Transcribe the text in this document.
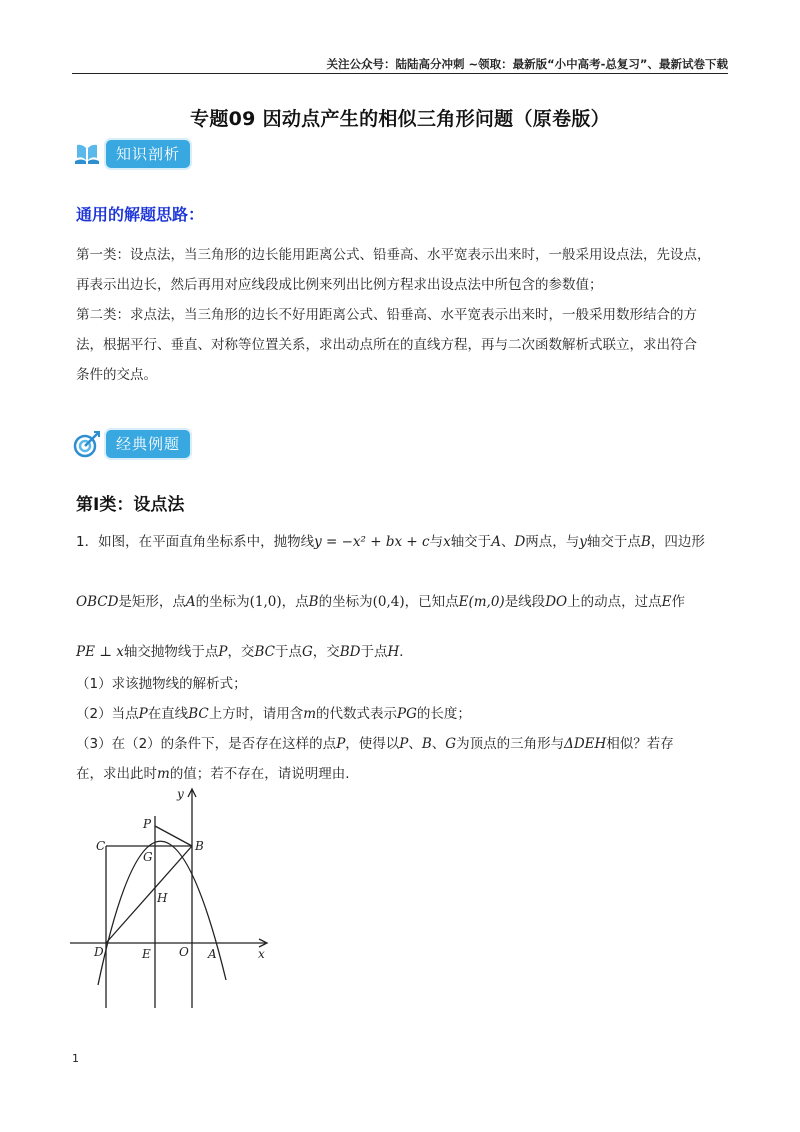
关注公众号：陆陆高分冲刺 ~领取：最新版“小中高考-总复习”、最新试卷下载
专题09 因动点产生的相似三角形问题（原卷版）
知识剖析
通用的解题思路：
第一类：设点法，当三角形的边长能用距离公式、铅垂高、水平宽表示出来时，一般采用设点法，先设点，
再表示出边长，然后再用对应线段成比例来列出比例方程求出设点法中所包含的参数值；
第二类：求点法，当三角形的边长不好用距离公式、铅垂高、水平宽表示出来时，一般采用数形结合的方
法，根据平行、垂直、对称等位置关系，求出动点所在的直线方程，再与二次函数解析式联立，求出符合
条件的交点。
经典例题
第Ⅰ类：设点法
1．如图，在平面直角坐标系中，抛物线y = −x² + bx + c与x轴交于A、D两点，与y轴交于点B，四边形
OBCD是矩形，点A的坐标为(1,0)，点B的坐标为(0,4)，已知点E(m,0)是线段DO上的动点，过点E作
PE ⊥ x轴交抛物线于点P，交BC于点G，交BD于点H．
（1）求该抛物线的解析式；
（2）当点P在直线BC上方时，请用含m的代数式表示PG的长度；
（3）在（2）的条件下，是否存在这样的点P，使得以P、B、G为顶点的三角形与ΔDEH相似？若存
在，求出此时m的值；若不存在，请说明理由.
y
x
P
C	B
G
H
D	E O A
1
